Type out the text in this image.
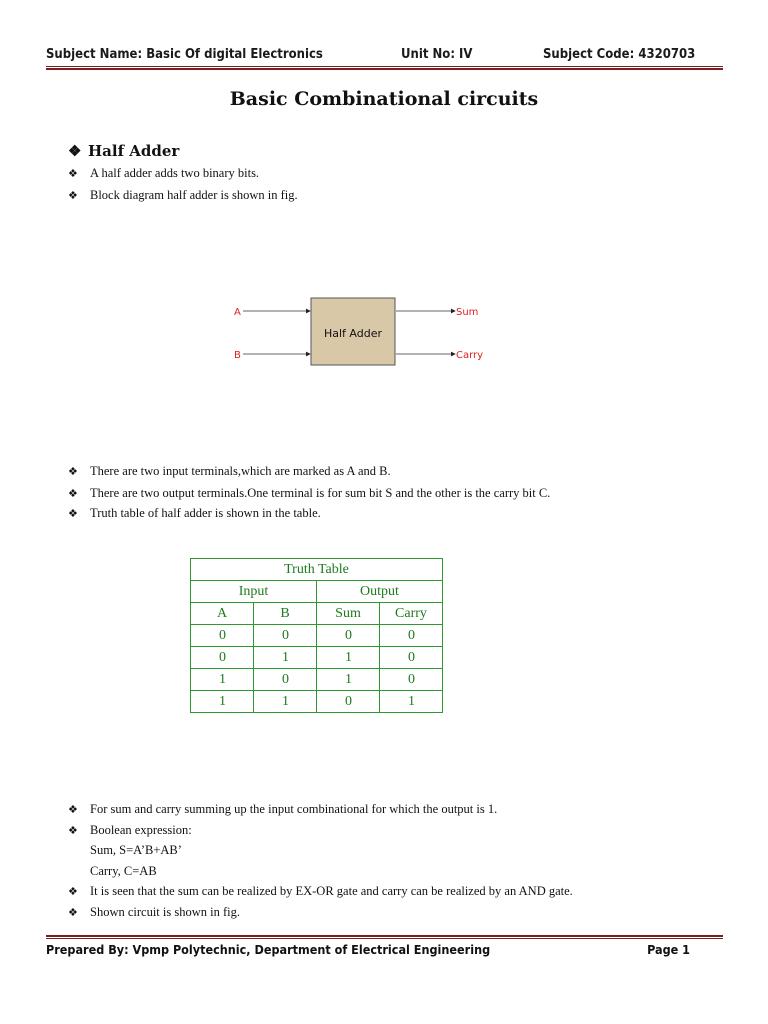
Subject Name: Basic Of digital Electronics	Unit No: IV	Subject Code: 4320703
Basic Combinational circuits
❖ Half Adder
❖ A half adder adds two binary bits.
❖ Block diagram half adder is shown in fig.
Half Adder
A
B
Sum
Carry
❖ There are two input terminals,which are marked as A and B.
❖ There are two output terminals.One terminal is for sum bit S and the other is the carry bit C.
❖ Truth table of half adder is shown in the table.
Truth Table			
Input		Output	
A	B	Sum	Carry
0	0	0	0
0	1	1	0
1	0	1	0
1	1	0	1
❖ For sum and carry summing up the input combinational for which the output is 1.
❖ Boolean expression:
Sum, S=A’B+AB’
Carry, C=AB
❖ It is seen that the sum can be realized by EX-OR gate and carry can be realized by an AND gate.
❖ Shown circuit is shown in fig.
Prepared By: Vpmp Polytechnic, Department of Electrical Engineering	Page 1
